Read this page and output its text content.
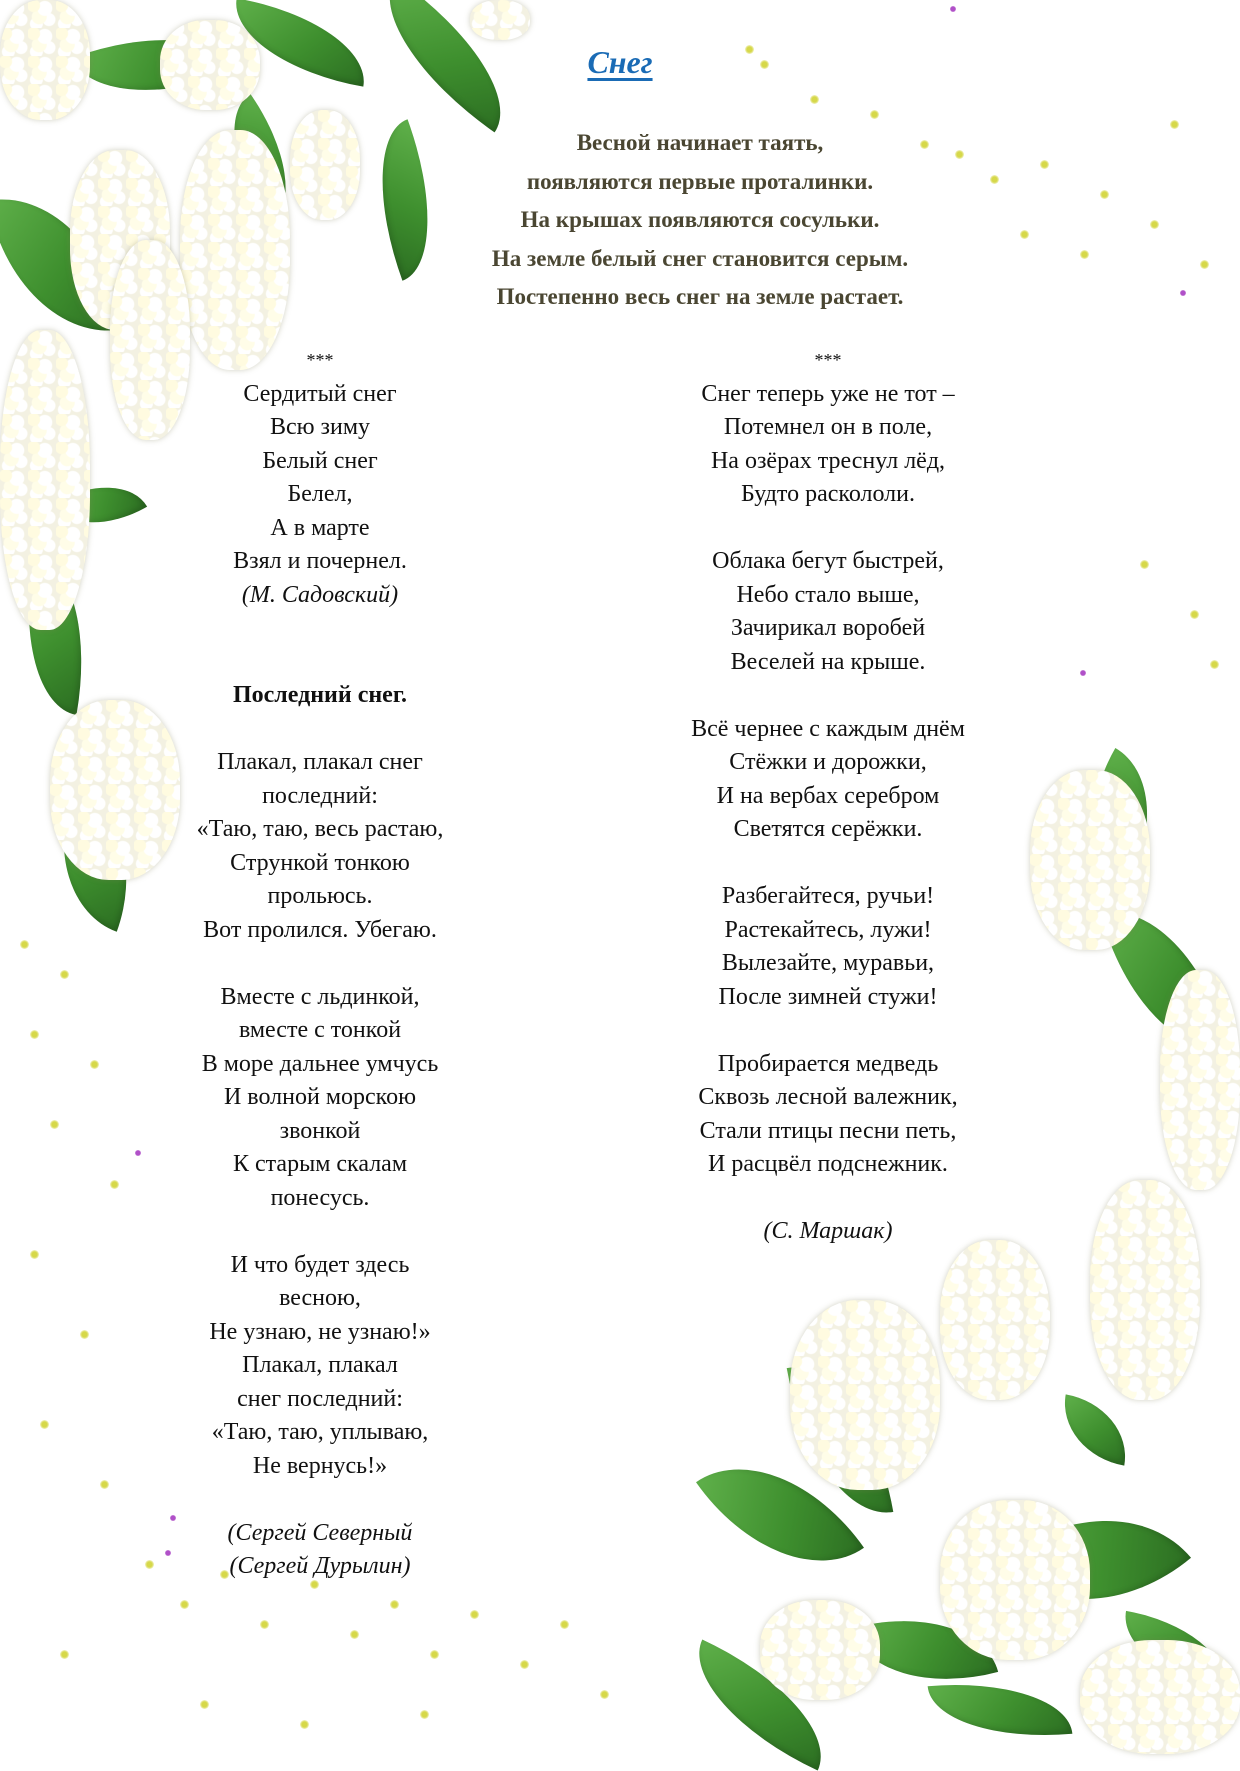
Снег
Весной начинает таять,
появляются первые проталинки.
На крышах появляются сосульки.
На земле белый снег становится серым.
Постепенно весь снег на земле растает.
***
Сердитый снег
Всю зиму
Белый снег
Белел,
А в марте
Взял и почернел.
(М. Садовский)
Последний снег.
Плакал, плакал снег
последний:
«Таю, таю, весь растаю,
Стрункой тонкою
прольюсь.
Вот пролился. Убегаю.
Вместе с льдинкой,
вместе с тонкой
В море дальнее умчусь
И волной морскою
звонкой
К старым скалам
понесусь.
И что будет здесь
весною,
Не узнаю, не узнаю!»
Плакал, плакал
снег последний:
«Таю, таю, уплываю,
Не вернусь!»
(Сергей Северный
(Сергей Дурылин)
***
Снег теперь уже не тот –
Потемнел он в поле,
На озёрах треснул лёд,
Будто раскололи.
Облака бегут быстрей,
Небо стало выше,
Зачирикал воробей
Веселей на крыше.
Всё чернее с каждым днём
Стёжки и дорожки,
И на вербах серебром
Светятся серёжки.
Разбегайтеся, ручьи!
Растекайтесь, лужи!
Вылезайте, муравьи,
После зимней стужи!
Пробирается медведь
Сквозь лесной валежник,
Стали птицы песни петь,
И расцвёл подснежник.
(С. Маршак)
